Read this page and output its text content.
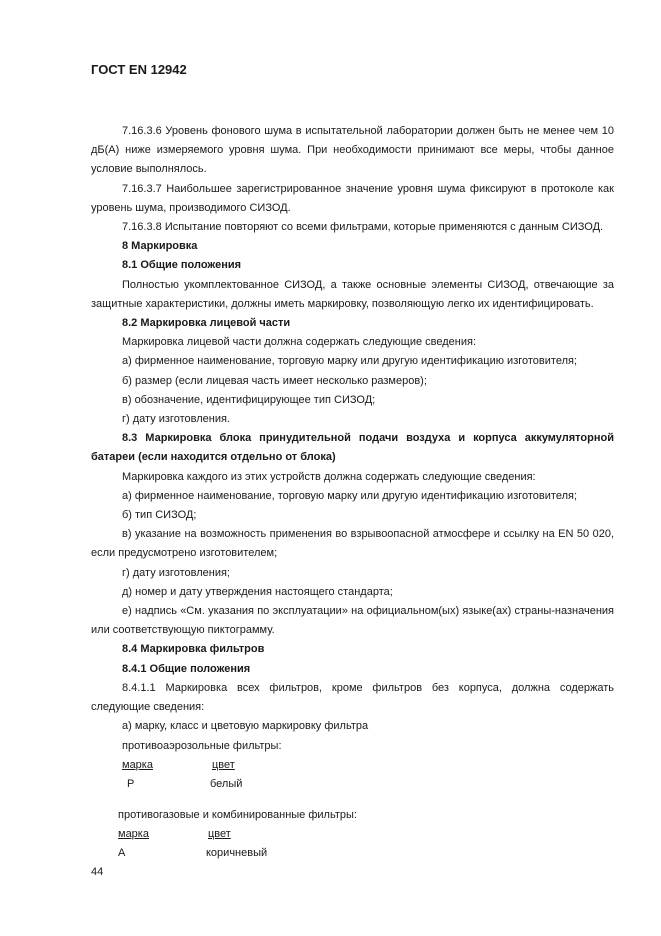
ГОСТ EN 12942

7.16.3.6 Уровень фонового шума в испытательной лаборатории должен быть не менее чем 10 дБ(А) ниже измеряемого уровня шума. При необходимости принимают все меры, чтобы данное условие выполнялось.

7.16.3.7 Наибольшее зарегистрированное значение уровня шума фиксируют в протоколе как уровень шума, производимого СИЗОД.

7.16.3.8 Испытание повторяют со всеми фильтрами, которые применяются с данным СИЗОД.

8 Маркировка

8.1 Общие положения

Полностью укомплектованное СИЗОД, а также основные элементы СИЗОД, отвечающие за защитные характеристики, должны иметь маркировку, позволяющую легко их идентифицировать.

8.2 Маркировка лицевой части

Маркировка лицевой части должна содержать следующие сведения:

а) фирменное наименование, торговую марку или другую идентификацию изготовителя;

б) размер (если лицевая часть имеет несколько размеров);

в) обозначение, идентифицирующее тип СИЗОД;

г) дату изготовления.

8.3 Маркировка блока принудительной подачи воздуха и корпуса аккумуляторной батареи (если находится отдельно от блока)

Маркировка каждого из этих устройств должна содержать следующие сведения:

а) фирменное наименование, торговую марку или другую идентификацию изготовителя;

б) тип СИЗОД;

в) указание на возможность применения во взрывоопасной атмосфере и ссылку на EN 50 020, если предусмотрено изготовителем;

г) дату изготовления;

д) номер и дату утверждения настоящего стандарта;

е) надпись «См. указания по эксплуатации» на официальном(ых) языке(ах) страны-назначения или соответствующую пиктограмму.

8.4 Маркировка фильтров

8.4.1 Общие положения

8.4.1.1 Маркировка всех фильтров, кроме фильтров без корпуса, должна содержать следующие сведения:

а) марку, класс и цветовую маркировку фильтра

противоаэрозольные фильтры:

марка	цвет
P	белый
противогазовые и комбинированные фильтры:
марка	цвет
A	коричневый
44
